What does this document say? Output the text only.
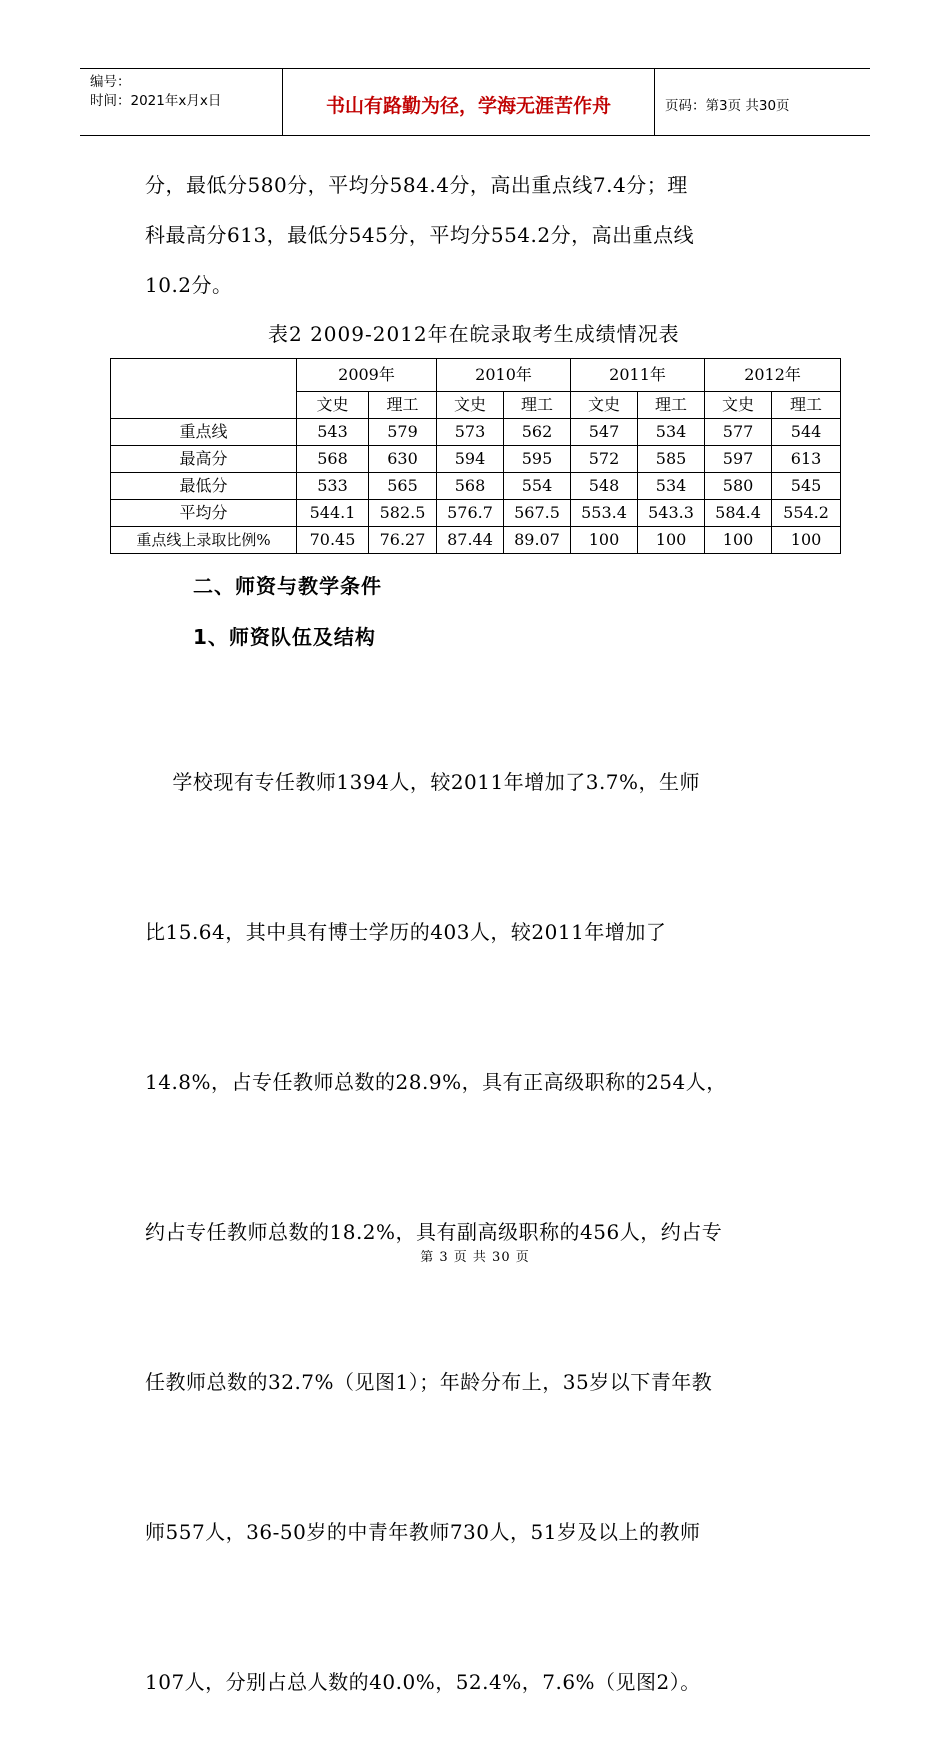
编号：
时间：2021年x月x日	书山有路勤为径，学海无涯苦作舟	页码：第3页 共30页
分，最低分580分，平均分584.4分，高出重点线7.4分；理
科最高分613，最低分545分，平均分554.2分，高出重点线
10.2分。
表2 2009-2012年在皖录取考生成绩情况表
	2009年		2010年		2011年		2012年	
	文史	理工	文史	理工	文史	理工	文史	理工
重点线	543	579	573	562	547	534	577	544
最高分	568	630	594	595	572	585	597	613
最低分	533	565	568	554	548	534	580	545
平均分	544.1	582.5	576.7	567.5	553.4	543.3	584.4	554.2
重点线上录取比例%	70.45	76.27	87.44	89.07	100	100	100	100
二、师资与教学条件
1、师资队伍及结构

学校现有专任教师1394人，较2011年增加了3.7%，生师

比15.64，其中具有博士学历的403人，较2011年增加了

14.8%，占专任教师总数的28.9%，具有正高级职称的254人，

约占专任教师总数的18.2%，具有副高级职称的456人，约占专

任教师总数的32.7%（见图1）；年龄分布上，35岁以下青年教

师557人，36-50岁的中青年教师730人，51岁及以上的教师

107人，分别占总人数的40.0%，52.4%，7.6%（见图2）。

第 3 页 共 30 页
